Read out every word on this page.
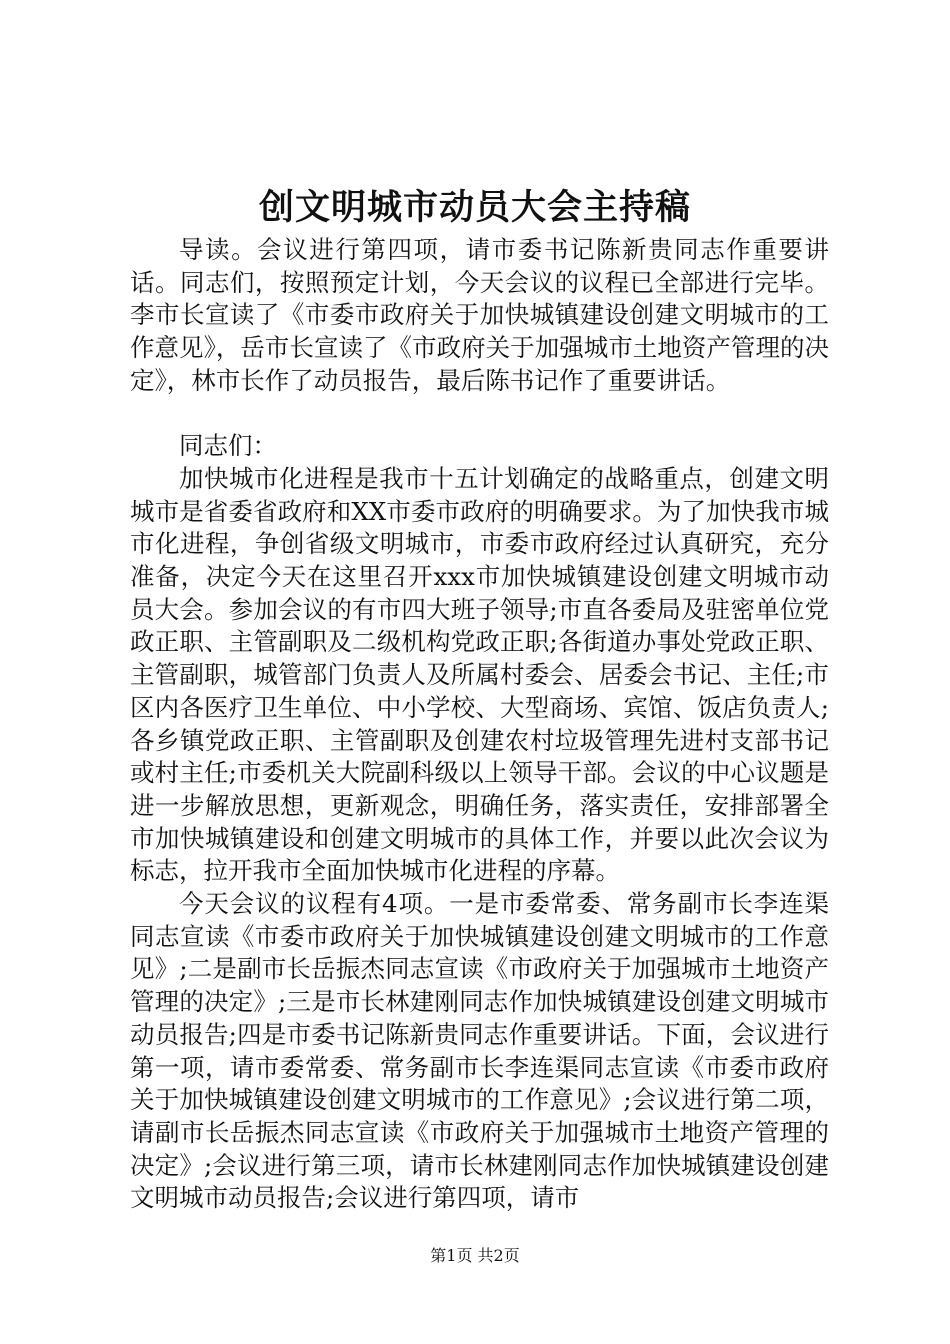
创文明城市动员大会主持稿

导读。会议进行第四项，请市委书记陈新贵同志作重要讲话。同志们，按照预定计划，今天会议的议程已全部进行完毕。李市长宣读了《市委市政府关于加快城镇建设创建文明城市的工作意见》，岳市长宣读了《市政府关于加强城市土地资产管理的决定》，林市长作了动员报告，最后陈书记作了重要讲话。

同志们：

加快城市化进程是我市十五计划确定的战略重点，创建文明城市是省委省政府和XX市委市政府的明确要求。为了加快我市城市化进程，争创省级文明城市，市委市政府经过认真研究，充分准备，决定今天在这里召开xxx市加快城镇建设创建文明城市动员大会。参加会议的有市四大班子领导;市直各委局及驻密单位党政正职、主管副职及二级机构党政正职;各街道办事处党政正职、主管副职，城管部门负责人及所属村委会、居委会书记、主任;市区内各医疗卫生单位、中小学校、大型商场、宾馆、饭店负责人;各乡镇党政正职、主管副职及创建农村垃圾管理先进村支部书记或村主任;市委机关大院副科级以上领导干部。会议的中心议题是进一步解放思想，更新观念，明确任务，落实责任，安排部署全市加快城镇建设和创建文明城市的具体工作，并要以此次会议为标志，拉开我市全面加快城市化进程的序幕。

今天会议的议程有4项。一是市委常委、常务副市长李连渠同志宣读《市委市政府关于加快城镇建设创建文明城市的工作意见》;二是副市长岳振杰同志宣读《市政府关于加强城市土地资产管理的决定》;三是市长林建刚同志作加快城镇建设创建文明城市动员报告;四是市委书记陈新贵同志作重要讲话。下面，会议进行第一项，请市委常委、常务副市长李连渠同志宣读《市委市政府关于加快城镇建设创建文明城市的工作意见》;会议进行第二项，请副市长岳振杰同志宣读《市政府关于加强城市土地资产管理的决定》;会议进行第三项，请市长林建刚同志作加快城镇建设创建文明城市动员报告;会议进行第四项，请市

第1页 共2页
